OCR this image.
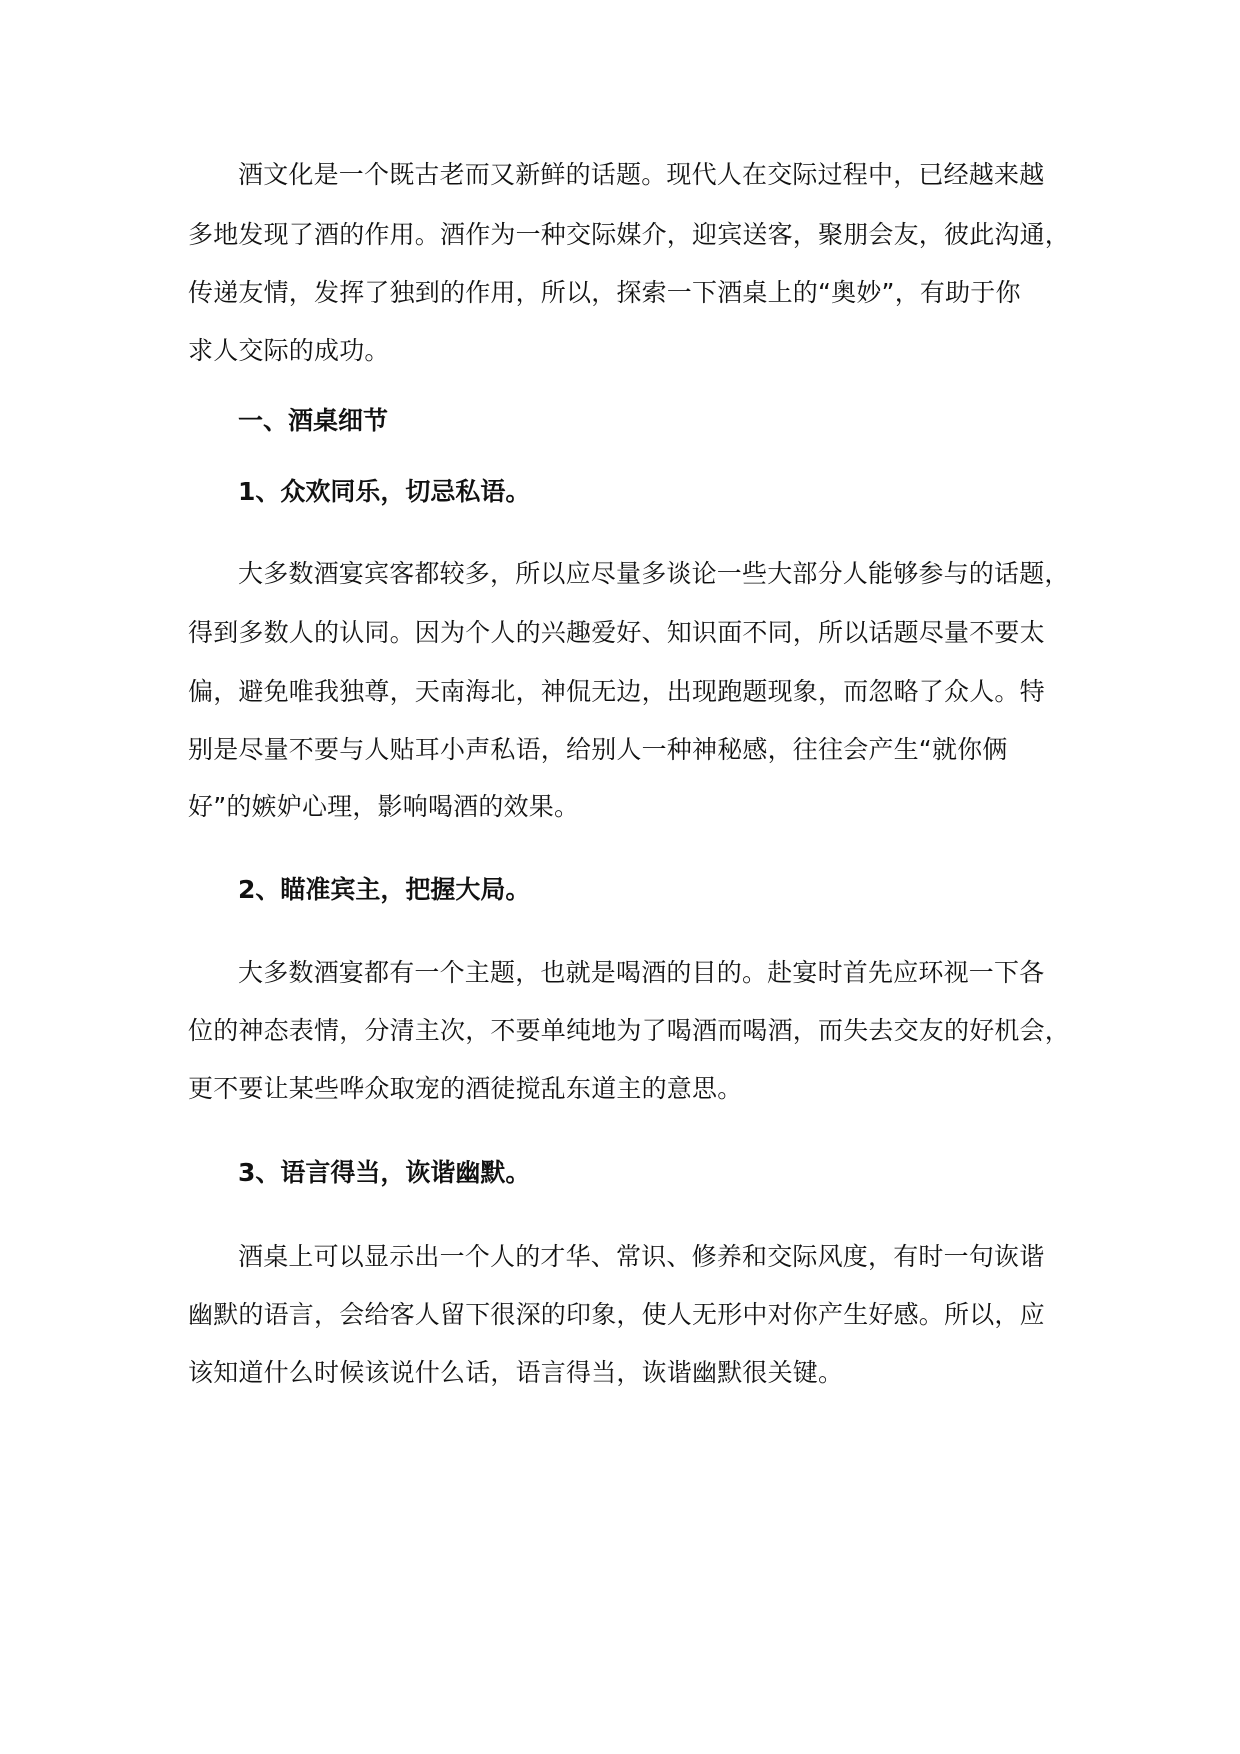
酒文化是一个既古老而又新鲜的话题。现代人在交际过程中，已经越来越
多地发现了酒的作用。酒作为一种交际媒介，迎宾送客，聚朋会友，彼此沟通，
传递友情，发挥了独到的作用，所以，探索一下酒桌上的“奥妙”，有助于你
求人交际的成功。
一、酒桌细节
1、众欢同乐，切忌私语。
大多数酒宴宾客都较多，所以应尽量多谈论一些大部分人能够参与的话题，
得到多数人的认同。因为个人的兴趣爱好、知识面不同，所以话题尽量不要太
偏，避免唯我独尊，天南海北，神侃无边，出现跑题现象，而忽略了众人。特
别是尽量不要与人贴耳小声私语，给别人一种神秘感，往往会产生“就你俩
好”的嫉妒心理，影响喝酒的效果。
2、瞄准宾主，把握大局。
大多数酒宴都有一个主题，也就是喝酒的目的。赴宴时首先应环视一下各
位的神态表情，分清主次，不要单纯地为了喝酒而喝酒，而失去交友的好机会，
更不要让某些哗众取宠的酒徒搅乱东道主的意思。
3、语言得当，诙谐幽默。
酒桌上可以显示出一个人的才华、常识、修养和交际风度，有时一句诙谐
幽默的语言，会给客人留下很深的印象，使人无形中对你产生好感。所以，应
该知道什么时候该说什么话，语言得当，诙谐幽默很关键。
